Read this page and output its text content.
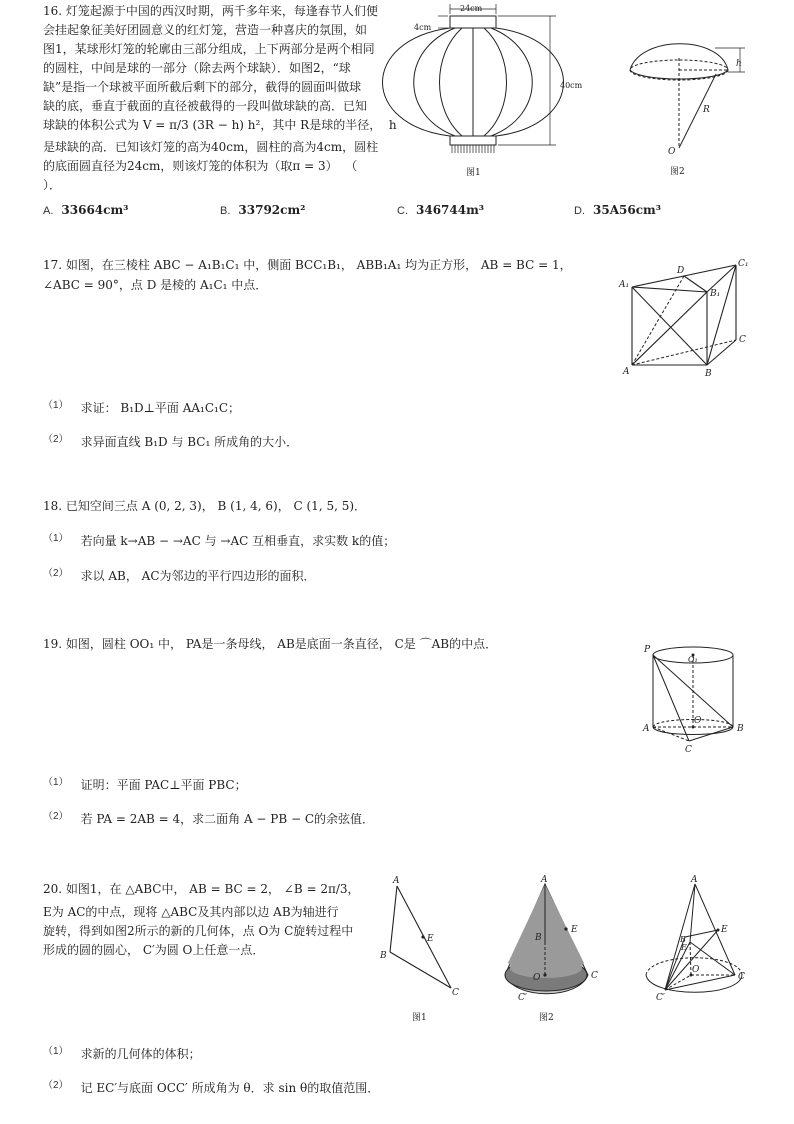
16. 灯笼起源于中国的西汉时期，两千多年来，每逢春节人们便
会挂起象征美好团圆意义的红灯笼，营造一种喜庆的氛围，如
图1，某球形灯笼的轮廓由三部分组成，上下两部分是两个相同
的圆柱，中间是球的一部分（除去两个球缺）．如图2，“球
缺”是指一个球被平面所截后剩下的部分，截得的圆面叫做球
缺的底，垂直于截面的直径被截得的一段叫做球缺的高．已知
球缺的体积公式为 V = π/3 (3R − h) h²，其中 R是球的半径，  h
是球缺的高．已知该灯笼的高为40cm，圆柱的高为4cm，圆柱
的底面圆直径为24cm，则该灯笼的体积为（取π = 3）  （
）．
A. 33664cm³	B. 33792cm²	C. 346744m³	D. 35A56cm³
24cm
4cm
40cm
图1
h
R
O
图2
17. 如图，在三棱柱 ABC − A₁B₁C₁ 中，侧面 BCC₁B₁， ABB₁A₁ 均为正方形， AB = BC = 1，
∠ABC = 90°，点 D 是棱的 A₁C₁ 中点．
$^{(1)}$ 求证： B₁D⊥平面 AA₁C₁C；
$^{(2)}$ 求异面直线 B₁D 与 BC₁ 所成角的大小．
A₁
D
C₁
B₁
C
A	B
18. 已知空间三点 A (0, 2, 3)， B (1, 4, 6)， C (1, 5, 5)．
$^{(1)}$ 若向量 k→AB − →AC 与 →AC 互相垂直，求实数 k的值；
$^{(2)}$ 求以 AB， AC为邻边的平行四边形的面积．
19. 如图，圆柱 OO₁ 中， PA是一条母线， AB是底面一条直径， C是 ⌒AB的中点．
$^{(1)}$ 证明：平面 PAC⊥平面 PBC；
$^{(2)}$ 若 PA = 2AB = 4，求二面角 A − PB − C的余弦值．
P
O₁
A
O
B
C
20. 如图1，在 △ABC中， AB = BC = 2， ∠B = 2π/3，
E为 AC的中点，现将 △ABC及其内部以边 AB为轴进行
旋转，得到如图2所示的新的几何体，点 O为 C旋转过程中
形成的圆的圆心， C′为圆 O上任意一点．
$^{(1)}$ 求新的几何体的体积；
$^{(2)}$ 记 EC′与底面 OCC′ 所成角为 θ．求 sin θ的取值范围．
A
B
C
E
图1
A
B
E
C
O
C′
图2
A
B
E
E
O
C
C′
